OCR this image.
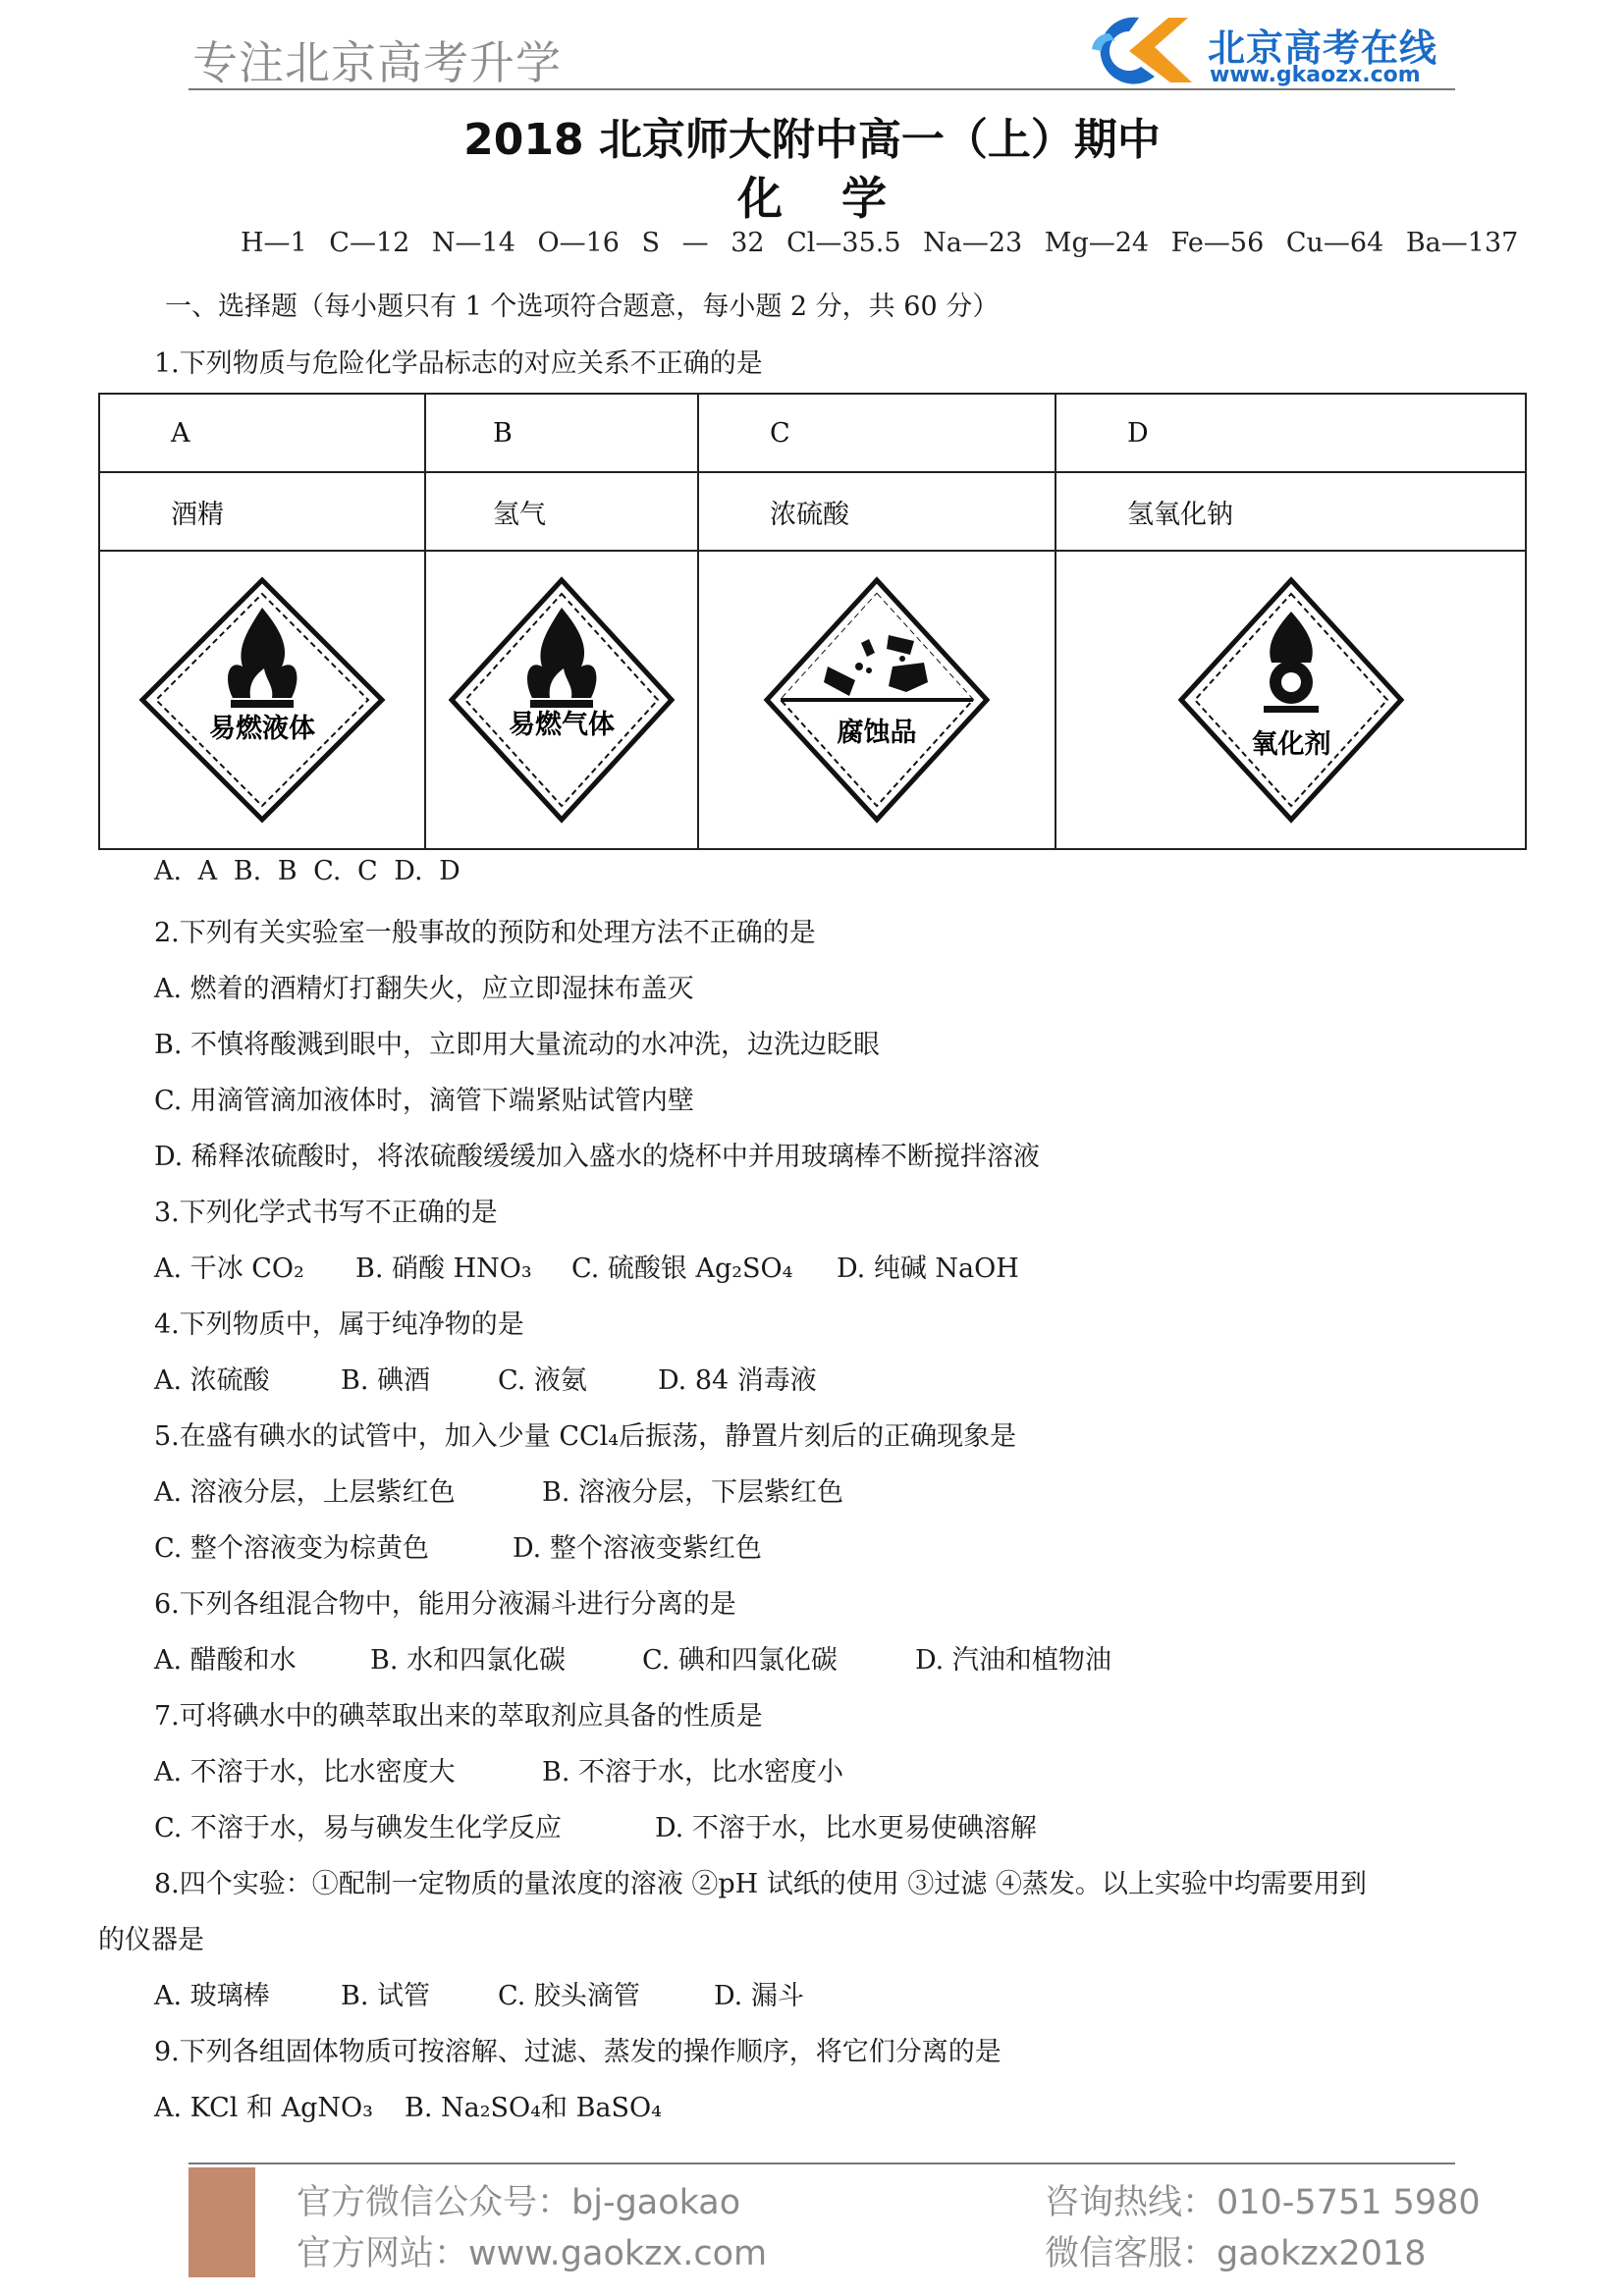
专注北京高考升学	北京高考在线
www.gkaozx.com
2018 北京师大附中高一（上）期中
化学
H—1 C—12 N—14 O—16 S — 32 Cl—35.5 Na—23 Mg—24 Fe—56 Cu—64 Ba—137
一、选择题（每小题只有 1 个选项符合题意，每小题 2 分，共 60 分）
1.下列物质与危险化学品标志的对应关系不正确的是
A	B	C	D
酒精	氢气	浓硫酸	氢氧化钠

易燃液体	易燃气体	腐蚀品	氧化剂
A. A B. B C. C D. D
2.下列有关实验室一般事故的预防和处理方法不正确的是
A. 燃着的酒精灯打翻失火，应立即湿抹布盖灭
B. 不慎将酸溅到眼中，立即用大量流动的水冲洗，边洗边眨眼
C. 用滴管滴加液体时，滴管下端紧贴试管内壁
D. 稀释浓硫酸时，将浓硫酸缓缓加入盛水的烧杯中并用玻璃棒不断搅拌溶液
3.下列化学式书写不正确的是
A. 干冰 CO₂ B. 硝酸 HNO₃ C. 硫酸银 Ag₂SO₄ D. 纯碱 NaOH
4.下列物质中，属于纯净物的是
A. 浓硫酸	B. 碘酒	C. 液氨	D. 84 消毒液
5.在盛有碘水的试管中，加入少量 CCl₄后振荡，静置片刻后的正确现象是
A. 溶液分层，上层紫红色	B. 溶液分层，下层紫红色
C. 整个溶液变为棕黄色	D. 整个溶液变紫红色
6.下列各组混合物中，能用分液漏斗进行分离的是
A. 醋酸和水	B. 水和四氯化碳	C. 碘和四氯化碳	D. 汽油和植物油
7.可将碘水中的碘萃取出来的萃取剂应具备的性质是
A. 不溶于水，比水密度大	B. 不溶于水，比水密度小
C. 不溶于水，易与碘发生化学反应	D. 不溶于水，比水更易使碘溶解
8.四个实验：①配制一定物质的量浓度的溶液 ②pH 试纸的使用 ③过滤 ④蒸发。以上实验中均需要用到
的仪器是
A. 玻璃棒	B. 试管	C. 胶头滴管	D. 漏斗
9.下列各组固体物质可按溶解、过滤、蒸发的操作顺序，将它们分离的是
A. KCl 和 AgNO₃ B. Na₂SO₄和 BaSO₄
官方微信公众号：bj-gaokao
官方网站：www.gaokzx.com
咨询热线：010-5751 5980
微信客服：gaokzx2018
